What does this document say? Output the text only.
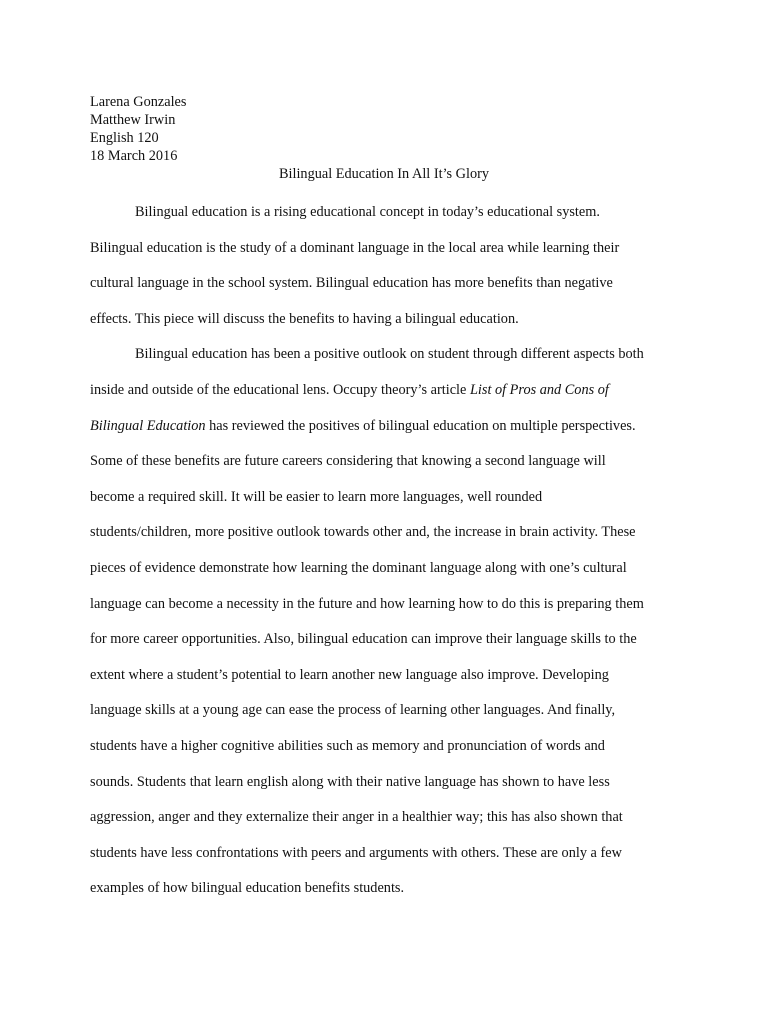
Larena Gonzales
Matthew Irwin
English 120
18 March 2016
Bilingual Education In All It’s Glory
Bilingual education is a rising educational concept in today’s educational system.
Bilingual education is the study of a dominant language in the local area while learning their
cultural language in the school system. Bilingual education has more benefits than negative
effects. This piece will discuss the benefits to having a bilingual education.
Bilingual education has been a positive outlook on student through different aspects both
inside and outside of the educational lens. Occupy theory’s article List of Pros and Cons of
Bilingual Education has reviewed the positives of bilingual education on multiple perspectives.
Some of these benefits are future careers considering that knowing a second language will
become a required skill. It will be easier to learn more languages, well rounded
students/children, more positive outlook towards other and, the increase in brain activity. These
pieces of evidence demonstrate how learning the dominant language along with one’s cultural
language can become a necessity in the future and how learning how to do this is preparing them
for more career opportunities. Also, bilingual education can improve their language skills to the
extent where a student’s potential to learn another new language also improve. Developing
language skills at a young age can ease the process of learning other languages. And finally,
students have a higher cognitive abilities such as memory and pronunciation of words and
sounds. Students that learn english along with their native language has shown to have less
aggression, anger and they externalize their anger in a healthier way; this has also shown that
students have less confrontations with peers and arguments with others. These are only a few
examples of how bilingual education benefits students.
